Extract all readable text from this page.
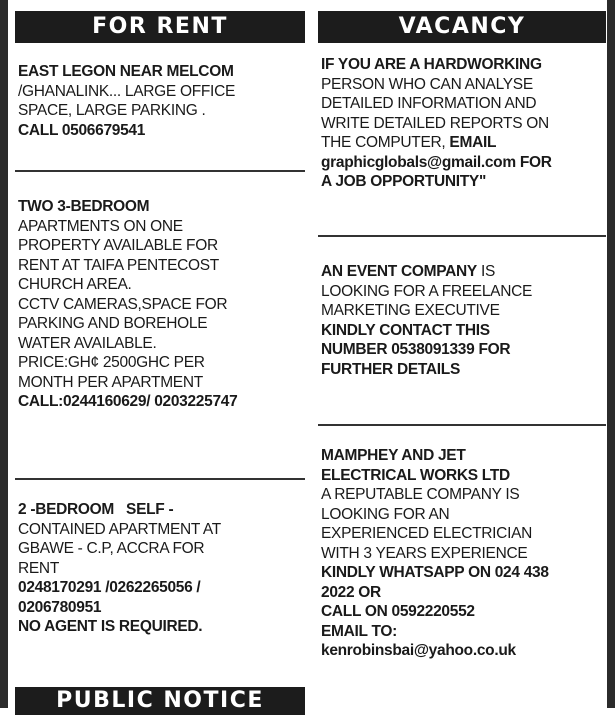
FOR RENT
EAST LEGON NEAR MELCOM
/GHANALINK... LARGE OFFICE
SPACE, LARGE PARKING .
CALL 0506679541
TWO 3-BEDROOM
APARTMENTS ON ONE
PROPERTY AVAILABLE FOR
RENT AT TAIFA PENTECOST
CHURCH AREA.
CCTV CAMERAS,SPACE FOR
PARKING AND BOREHOLE
WATER AVAILABLE.
PRICE:GH¢ 2500GHC PER
MONTH PER APARTMENT
CALL:0244160629/ 0203225747
2 -BEDROOM   SELF -
CONTAINED APARTMENT AT
GBAWE - C.P, ACCRA FOR
RENT
0248170291 /0262265056 /
0206780951
NO AGENT IS REQUIRED.
PUBLIC NOTICE
VACANCY
IF YOU ARE A HARDWORKING
PERSON WHO CAN ANALYSE
DETAILED INFORMATION AND
WRITE DETAILED REPORTS ON
THE COMPUTER, EMAIL
graphicglobals@gmail.com FOR
A JOB OPPORTUNITY"
AN EVENT COMPANY IS
LOOKING FOR A FREELANCE
MARKETING EXECUTIVE
KINDLY CONTACT THIS
NUMBER 0538091339 FOR
FURTHER DETAILS
MAMPHEY AND JET
ELECTRICAL WORKS LTD
A REPUTABLE COMPANY IS
LOOKING FOR AN
EXPERIENCED ELECTRICIAN
WITH 3 YEARS EXPERIENCE
KINDLY WHATSAPP ON 024 438
2022 OR
CALL ON 0592220552
EMAIL TO:
kenrobinsbai@yahoo.co.uk
